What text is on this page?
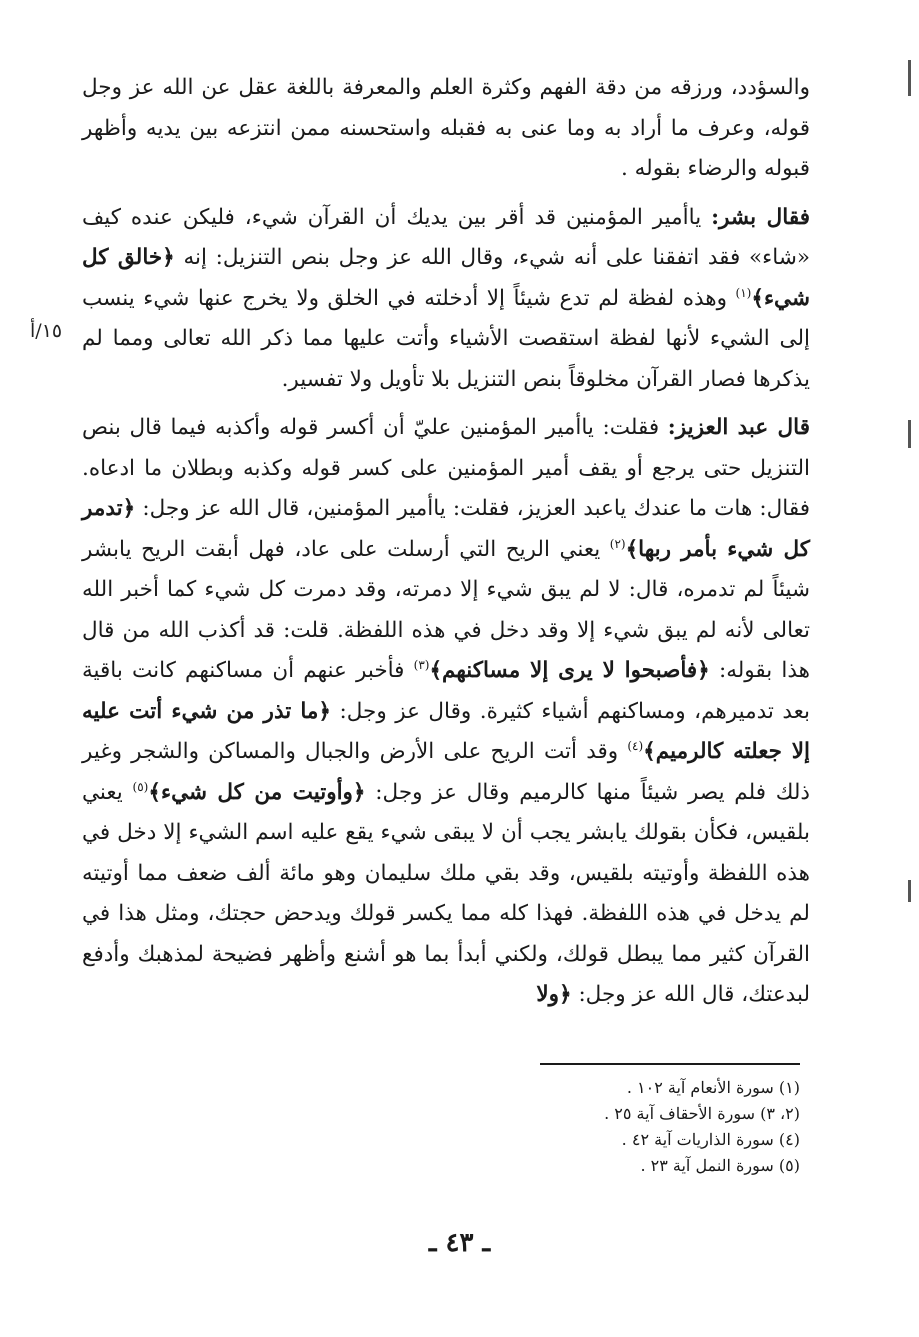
والسؤدد، ورزقه من دقة الفهم وكثرة العلم والمعرفة باللغة عقل عن الله عز وجل قوله، وعرف ما أراد به وما عنى به فقبله واستحسنه ممن انتزعه بين يديه وأظهر قبوله والرضاء بقوله .

فقال بشر: ياأمير المؤمنين قد أقر بين يديك أن القرآن شيء، فليكن عنده كيف «شاء» فقد اتفقنا على أنه شيء، وقال الله عز وجل بنص التنزيل: إنه ﴿خالق كل شيء﴾$^{(١)}$ وهذه لفظة لم تدع شيئاً إلا أدخلته في الخلق ولا يخرج عنها شيء ينسب إلى الشيء لأنها لفظة استقصت الأشياء وأتت عليها مما ذكر الله تعالى ومما لم يذكرها فصار القرآن مخلوقاً بنص التنزيل بلا تأويل ولا تفسير.

قال عبد العزيز: فقلت: ياأمير المؤمنين عليّ أن أكسر قوله وأكذبه فيما قال بنص التنزيل حتى يرجع أو يقف أمير المؤمنين على كسر قوله وكذبه وبطلان ما ادعاه. فقال: هات ما عندك ياعبد العزيز، فقلت: ياأمير المؤمنين، قال الله عز وجل: ﴿تدمر كل شيء بأمر ربها﴾$^{(٢)}$ يعني الريح التي أرسلت على عاد، فهل أبقت الريح يابشر شيئاً لم تدمره، قال: لا لم يبق شيء إلا دمرته، وقد دمرت كل شيء كما أخبر الله تعالى لأنه لم يبق شيء إلا وقد دخل في هذه اللفظة. قلت: قد أكذب الله من قال هذا بقوله: ﴿فأصبحوا لا يرى إلا مساكنهم﴾$^{(٣)}$ فأخبر عنهم أن مساكنهم كانت باقية بعد تدميرهم، ومساكنهم أشياء كثيرة. وقال عز وجل: ﴿ما تذر من شيء أتت عليه إلا جعلته كالرميم﴾$^{(٤)}$ وقد أتت الريح على الأرض والجبال والمساكن والشجر وغير ذلك فلم يصر شيئاً منها كالرميم وقال عز وجل: ﴿وأوتيت من كل شيء﴾$^{(٥)}$ يعني بلقيس، فكأن بقولك يابشر يجب أن لا يبقى شيء يقع عليه اسم الشيء إلا دخل في هذه اللفظة وأوتيته بلقيس، وقد بقي ملك سليمان وهو مائة ألف ضعف مما أوتيته لم يدخل في هذه اللفظة. فهذا كله مما يكسر قولك ويدحض حجتك، ومثل هذا في القرآن كثير مما يبطل قولك، ولكني أبدأ بما هو أشنع وأظهر فضيحة لمذهبك وأدفع لبدعتك، قال الله عز وجل: ﴿ولا

١٥/أ
(١) سورة الأنعام آية ١٠٢ .
(٢، ٣) سورة الأحقاف آية ٢٥ .
(٤) سورة الذاريات آية ٤٢ .
(٥) سورة النمل آية ٢٣ .
ـ ٤٣ ـ
